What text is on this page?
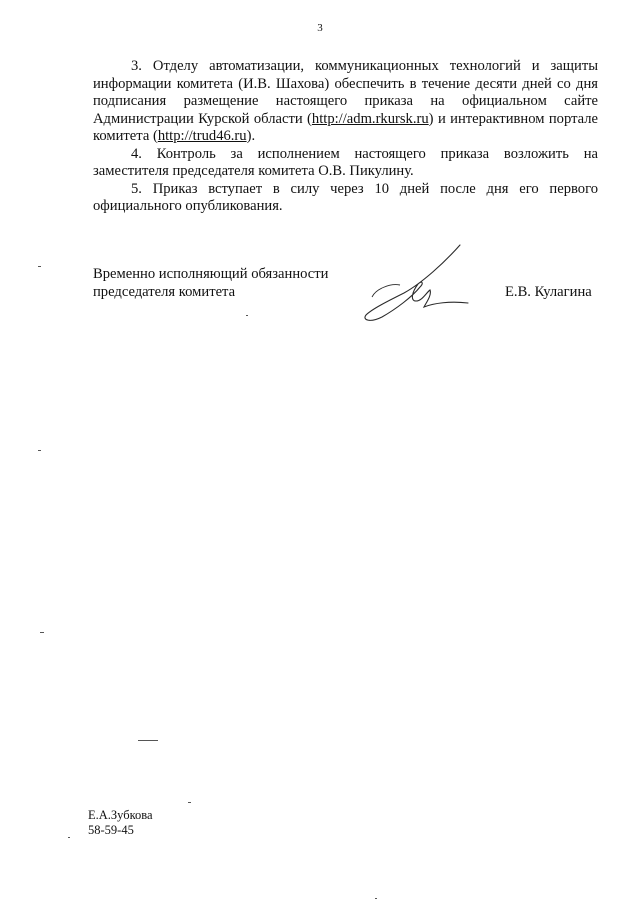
3

3. Отделу автоматизации, коммуникационных технологий и защиты информации комитета (И.В. Шахова) обеспечить в течение десяти дней со дня подписания размещение настоящего приказа на официальном сайте Администрации Курской области (http://adm.rkursk.ru) и интерактивном портале комитета (http://trud46.ru).

4. Контроль за исполнением настоящего приказа возложить на заместителя председателя комитета О.В. Пикулину.

5. Приказ вступает в силу через 10 дней после дня его первого официального опубликования.

Временно исполняющий обязанности
председателя комитета	Е.В. Кулагина
Е.А.Зубкова
58-59-45
